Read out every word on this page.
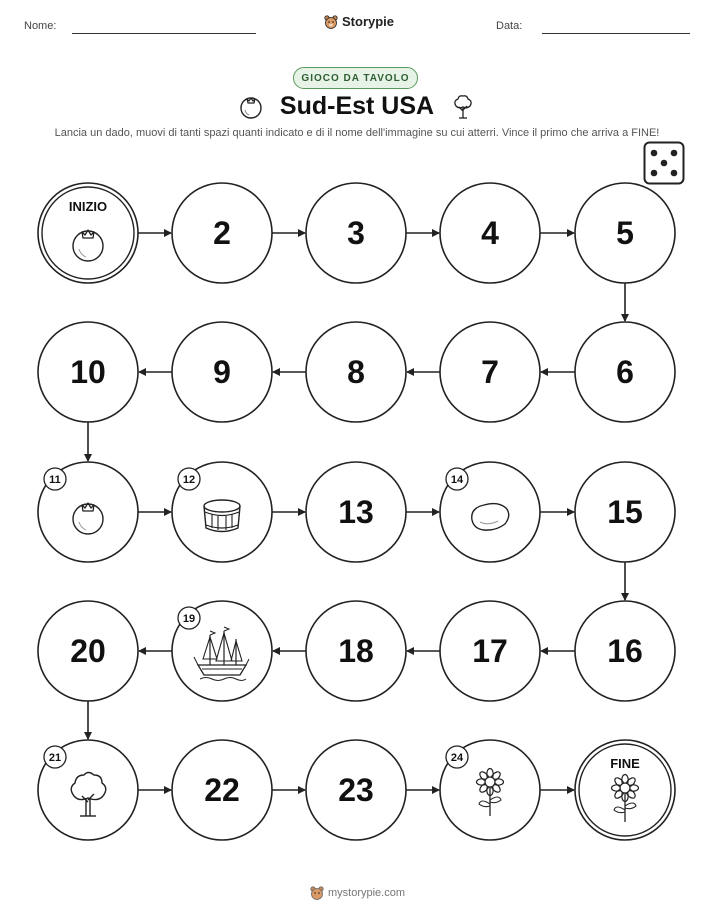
Nome:	Storypie	Data:
GIOCO DA TAVOLO
Sud-Est USA
Lancia un dado, muovi di tanti spazi quanti indicato e di il nome dell'immagine su cui atterri. Vince il primo che arriva a FINE!
INIZIO
2	3	4	5
6
7
8
9
10
11	12
13
14
15
16
17
18
19
20
21
22	23
24	FINE
mystorypie.com
